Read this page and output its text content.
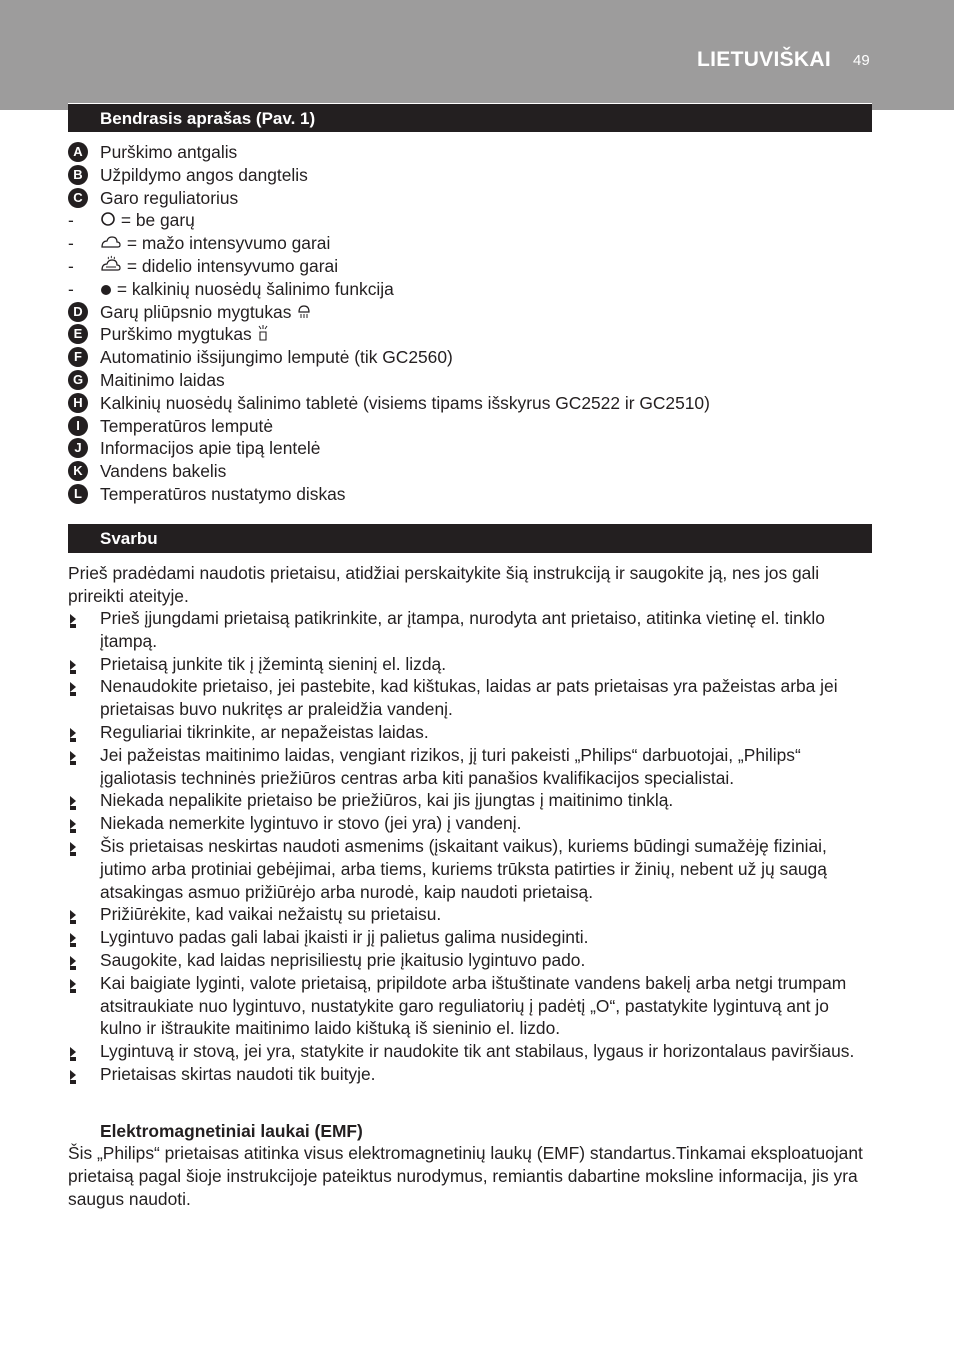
LIETUVIŠKAI 49
Bendrasis aprašas (Pav. 1)
A Purškimo antgalis
B Užpildymo angos dangtelis
C Garo reguliatorius
-	= be garų
-	= mažo intensyvumo garai
-	= didelio intensyvumo garai
-	= kalkinių nuosėdų šalinimo funkcija
D Garų pliūpsnio mygtukas
E	Purškimo mygtukas
F	Automatinio išsijungimo lemputė (tik GC2560)
G Maitinimo laidas
H Kalkinių nuosėdų šalinimo tabletė (visiems tipams išskyrus GC2522 ir GC2510)
I	Temperatūros lemputė
J	Informacijos apie tipą lentelė
K Vandens bakelis
L	Temperatūros nustatymo diskas
Svarbu
Prieš pradėdami naudotis prietaisu, atidžiai perskaitykite šią instrukciją ir saugokite ją, nes jos gali prireikti ateityje.
Prieš įjungdami prietaisą patikrinkite, ar įtampa, nurodyta ant prietaiso, atitinka vietinę el. tinklo įtampą.
Prietaisą junkite tik į įžemintą sieninį el. lizdą.
Nenaudokite prietaiso, jei pastebite, kad kištukas, laidas ar pats prietaisas yra pažeistas arba jei prietaisas buvo nukritęs ar praleidžia vandenį.
Reguliariai tikrinkite, ar nepažeistas laidas.
Jei pažeistas maitinimo laidas, vengiant rizikos, jį turi pakeisti „Philips“ darbuotojai, „Philips“ įgaliotasis techninės priežiūros centras arba kiti panašios kvalifikacijos specialistai.
Niekada nepalikite prietaiso be priežiūros, kai jis įjungtas į maitinimo tinklą.
Niekada nemerkite lygintuvo ir stovo (jei yra) į vandenį.
Šis prietaisas neskirtas naudoti asmenims (įskaitant vaikus), kuriems būdingi sumažėję fiziniai, jutimo arba protiniai gebėjimai, arba tiems, kuriems trūksta patirties ir žinių, nebent už jų saugą atsakingas asmuo prižiūrėjo arba nurodė, kaip naudoti prietaisą.
Prižiūrėkite, kad vaikai nežaistų su prietaisu.
Lygintuvo padas gali labai įkaisti ir jį palietus galima nusideginti.
Saugokite, kad laidas neprisiliestų prie įkaitusio lygintuvo pado.
Kai baigiate lyginti, valote prietaisą, pripildote arba ištuštinate vandens bakelį arba netgi trumpam atsitraukiate nuo lygintuvo, nustatykite garo reguliatorių į padėtį „O“, pastatykite lygintuvą ant jo kulno ir ištraukite maitinimo laido kištuką iš sieninio el. lizdo.
Lygintuvą ir stovą, jei yra, statykite ir naudokite tik ant stabilaus, lygaus ir horizontalaus paviršiaus.
Prietaisas skirtas naudoti tik buityje.
Elektromagnetiniai laukai (EMF)
Šis „Philips“ prietaisas atitinka visus elektromagnetinių laukų (EMF) standartus.Tinkamai eksploatuojant prietaisą pagal šioje instrukcijoje pateiktus nurodymus, remiantis dabartine moksline informacija, jis yra saugus naudoti.
